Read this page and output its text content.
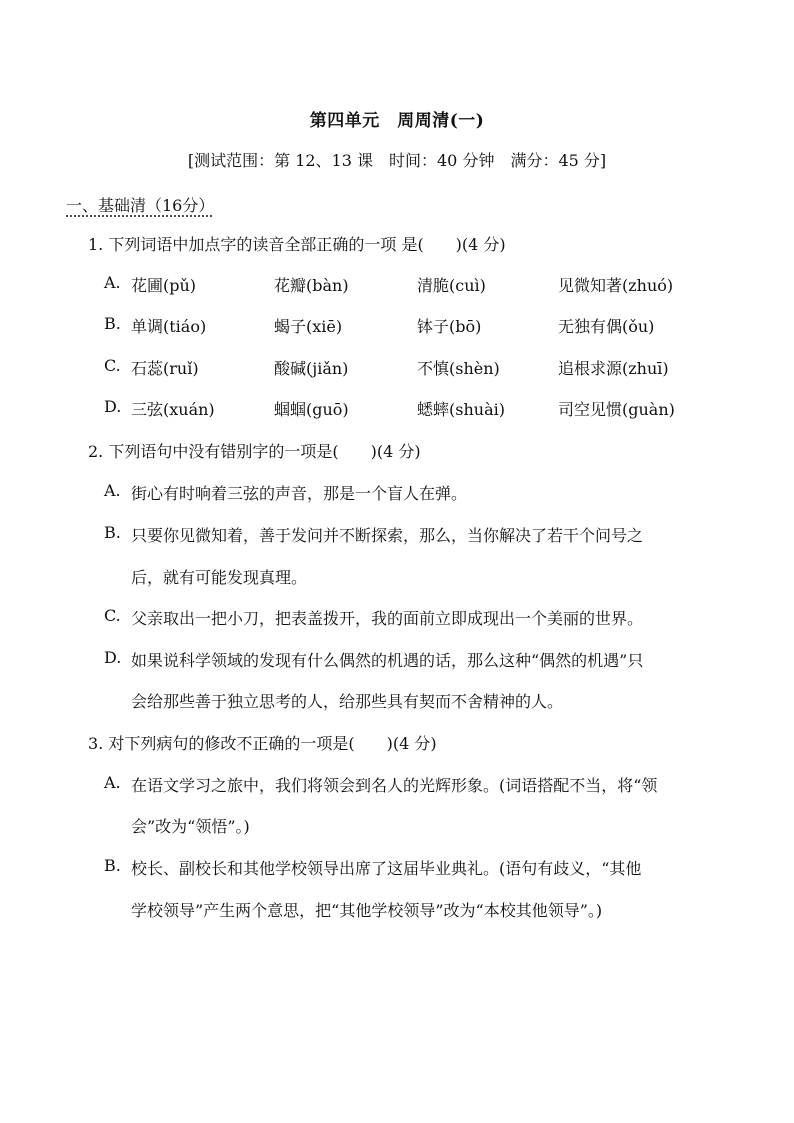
第四单元　周周清(一)
[测试范围：第 12、13 课　时间：40 分钟　满分：45 分]
一、基础清（16分）
1. 下列词语中加点字的读音全部正确的一项 是(　　)(4 分)
A. 花圃(pǔ)	花瓣(bàn)	清脆(cuì)	见微知著(zhuó)
B. 单调(tiáo)	蝎子(xiē)	钵子(bō)	无独有偶(ǒu)
C. 石蕊(ruǐ)	酸碱(jiǎn)	不慎(shèn)	追根求源(zhuī)
D. 三弦(xuán)	蝈蝈(guō)	蟋蟀(shuài)	司空见惯(guàn)
2. 下列语句中没有错别字的一项是(　　)(4 分)
A. 街心有时响着三弦的声音，那是一个盲人在弹。
B. 只要你见微知着，善于发问并不断探索，那么，当你解决了若干个问号之
后，就有可能发现真理。
C. 父亲取出一把小刀，把表盖拨开，我的面前立即成现出一个美丽的世界。
D. 如果说科学领域的发现有什么偶然的机遇的话，那么这种“偶然的机遇”只
会给那些善于独立思考的人，给那些具有契而不舍精神的人。
3. 对下列病句的修改不正确的一项是(　　)(4 分)
A. 在语文学习之旅中，我们将领会到名人的光辉形象。(词语搭配不当，将“领
会”改为“领悟”。)
B. 校长、副校长和其他学校领导出席了这届毕业典礼。(语句有歧义，“其他
学校领导”产生两个意思，把“其他学校领导”改为“本校其他领导”。)
